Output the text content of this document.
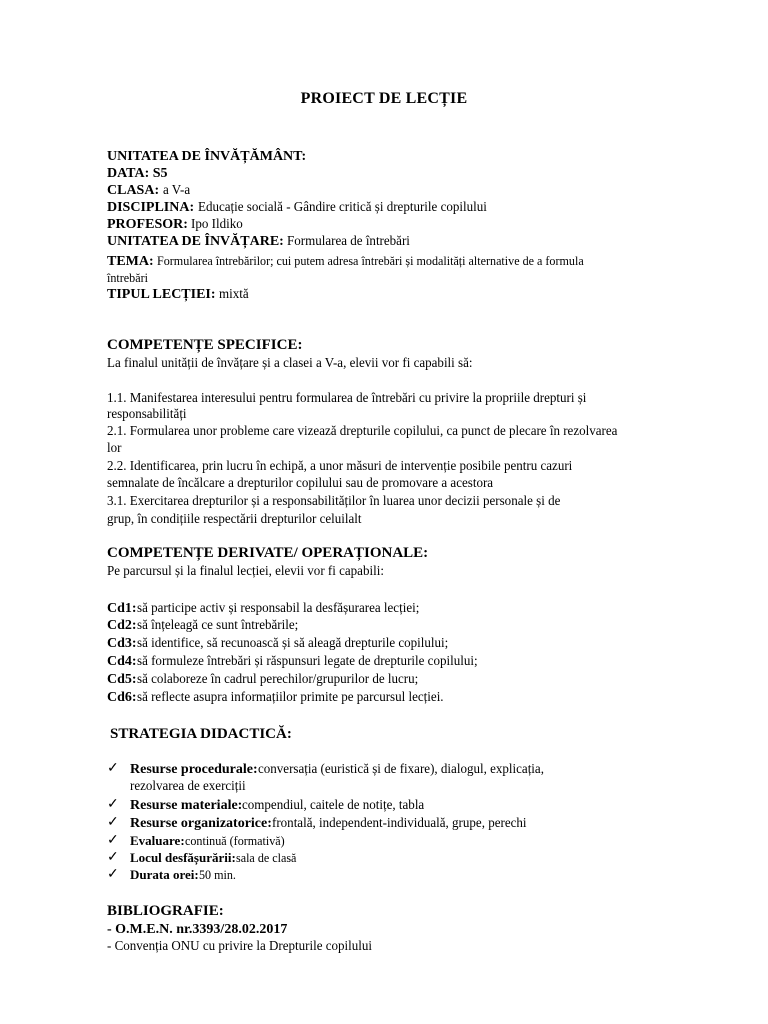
PROIECT DE LECȚIE
UNITATEA DE ÎNVĂȚĂMÂNT:
DATA: S5
CLASA: a V-a
DISCIPLINA: Educație socială - Gândire critică și drepturile copilului
PROFESOR: Ipo Ildiko
UNITATEA DE ÎNVĂȚARE: Formularea de întrebări
TEMA: Formularea întrebărilor; cui putem adresa întrebări și modalități alternative de a formula
întrebări
TIPUL LECȚIEI: mixtă
COMPETENȚE SPECIFICE:
La finalul unității de învățare și a clasei a V-a, elevii vor fi capabili să:
1.1. Manifestarea interesului pentru formularea de întrebări cu privire la propriile drepturi și
responsabilități
2.1. Formularea unor probleme care vizează drepturile copilului, ca punct de plecare în rezolvarea
lor
2.2. Identificarea, prin lucru în echipă, a unor măsuri de intervenție posibile pentru cazuri
semnalate de încălcare a drepturilor copilului sau de promovare a acestora
3.1. Exercitarea drepturilor și a responsabilităților în luarea unor decizii personale și de
grup, în condițiile respectării drepturilor celuilalt
COMPETENȚE DERIVATE/ OPERAȚIONALE:
Pe parcursul și la finalul lecției, elevii vor fi capabili:
Cd1:să participe activ și responsabil la desfășurarea lecției;
Cd2:să înțeleagă ce sunt întrebările;
Cd3:să identifice, să recunoască și să aleagă drepturile copilului;
Cd4:să formuleze întrebări și răspunsuri legate de drepturile copilului;
Cd5:să colaboreze în cadrul perechilor/grupurilor de lucru;
Cd6:să reflecte asupra informațiilor primite pe parcursul lecției.
STRATEGIA DIDACTICĂ:
✓ Resurse procedurale:conversația (euristică și de fixare), dialogul, explicația,
rezolvarea de exerciții
✓ Resurse materiale:compendiul, caitele de notițe, tabla
✓ Resurse organizatorice:frontală, independent-individuală, grupe, perechi
✓ Evaluare:continuă (formativă)
✓ Locul desfășurării:sala de clasă
✓ Durata orei:50 min.
BIBLIOGRAFIE:
- O.M.E.N. nr.3393/28.02.2017
- Convenția ONU cu privire la Drepturile copilului
